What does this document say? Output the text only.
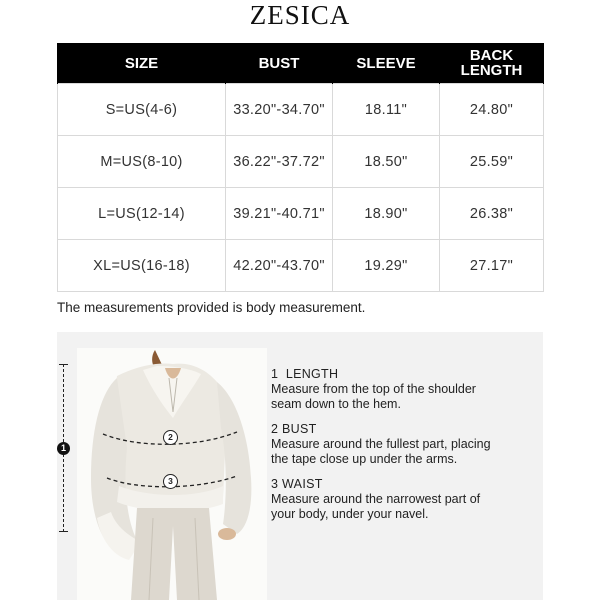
ZESICA
SIZE	BUST	SLEEVE	BACK LENGTH
S=US(4-6)	33.20"-34.70"	18.11"	24.80"
M=US(8-10)	36.22"-37.72"	18.50"	25.59"
L=US(12-14)	39.21"-40.71"	18.90"	26.38"
XL=US(16-18)	42.20"-43.70"	19.29"	27.17"
The measurements provided is body measurement.
1
2
3
1 LENGTH
Measure from the top of the shoulder
seam down to the hem.
2 BUST
Measure around the fullest part, placing
the tape close up under the arms.
3 WAIST
Measure around the narrowest part of
your body, under your navel.
